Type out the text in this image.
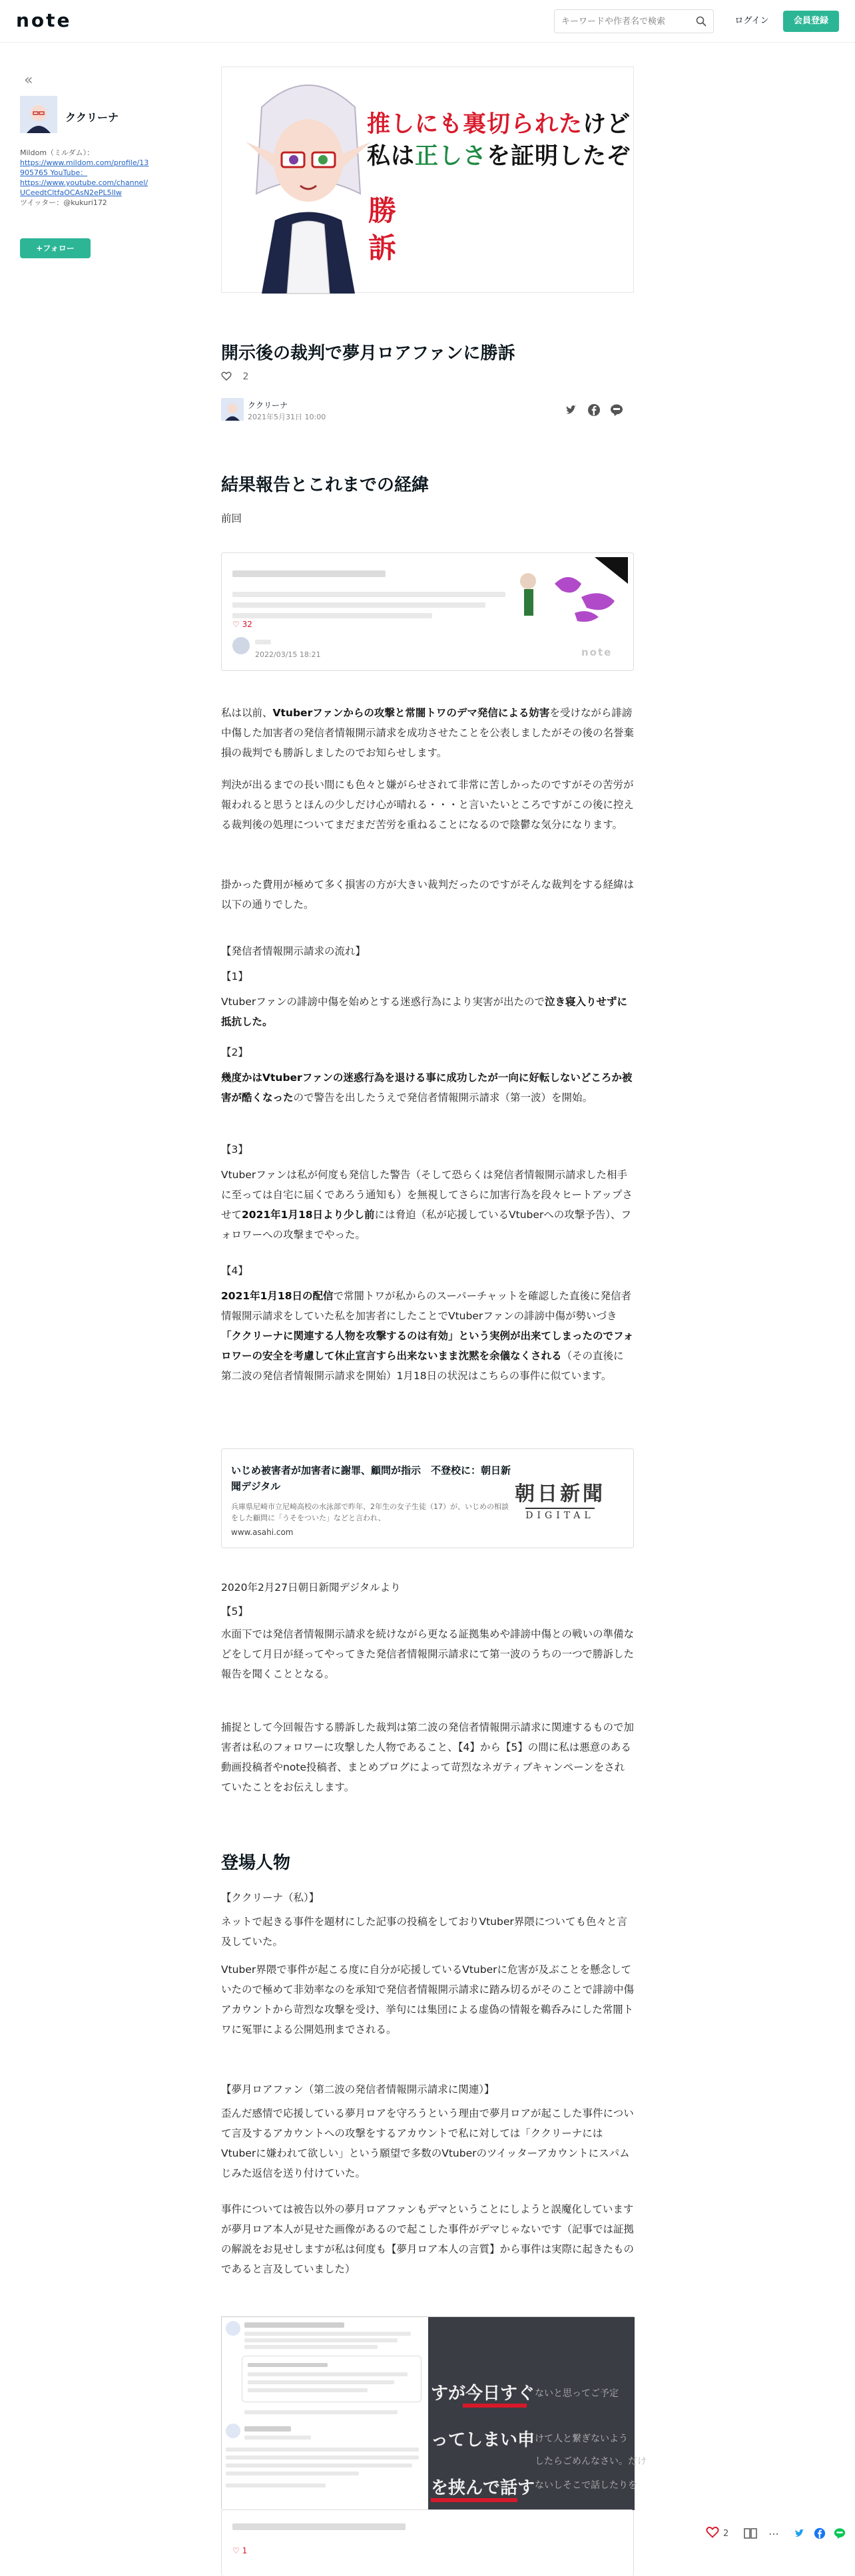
note
キーワードや作者名で検索	ログイン	会員登録
«
ククリーナ
Mildom（ミルダム）：
https://www.mildom.com/profile/13905765 YouTube：
https://www.youtube.com/channel/UCeedtCltfaOCAsN2ePL5lIw
ツイッター：@kukuri172
+フォロー
推しにも裏切られたけど
私は正しさを証明したぞ
勝訴
開示後の裁判で夢月ロアファンに勝訴
2
ククリーナ
2021年5月31日 10:00
結果報告とこれまでの経緯
前回
♡ 32
2022/03/15 18:21	note
私は以前、Vtuberファンからの攻撃と常闇トワのデマ発信による妨害を受けながら誹謗中傷した加害者の発信者情報開示請求を成功させたことを公表しましたがその後の名誉棄損の裁判でも勝訴しましたのでお知らせします。
判決が出るまでの長い間にも色々と嫌がらせされて非常に苦しかったのですがその苦労が報われると思うとほんの少しだけ心が晴れる・・・と言いたいところですがこの後に控える裁判後の処理についてまだまだ苦労を重ねることになるので陰鬱な気分になります。
掛かった費用が極めて多く損害の方が大きい裁判だったのですがそんな裁判をする経緯は以下の通りでした。
【発信者情報開示請求の流れ】
【1】
Vtuberファンの誹謗中傷を始めとする迷惑行為により実害が出たので泣き寝入りせずに抵抗した。
【2】
幾度かはVtuberファンの迷惑行為を退ける事に成功したが一向に好転しないどころか被害が酷くなったので警告を出したうえで発信者情報開示請求（第一波）を開始。
【3】
Vtuberファンは私が何度も発信した警告（そして恐らくは発信者情報開示請求した相手に至っては自宅に届くであろう通知も）を無視してさらに加害行為を段々ヒートアップさせて2021年1月18日より少し前には脅迫（私が応援しているVtuberへの攻撃予告）、フォロワーへの攻撃までやった。
【4】
2021年1月18日の配信で常闇トワが私からのスーパーチャットを確認した直後に発信者情報開示請求をしていた私を加害者にしたことでVtuberファンの誹謗中傷が勢いづき「ククリーナに関連する人物を攻撃するのは有効」という実例が出来てしまったのでフォロワーの安全を考慮して休止宣言すら出来ないまま沈黙を余儀なくされる（その直後に第二波の発信者情報開示請求を開始）1月18日の状況はこちらの事件に似ています。
いじめ被害者が加害者に謝罪、顧問が指示　不登校に：朝日新聞デジタル
兵庫県尼崎市立尼崎高校の水泳部で昨年、2年生の女子生徒（17）が、いじめの相談をした顧問に「うそをついた」などと言われ、
www.asahi.com
朝日新聞
DIGITAL
2020年2月27日朝日新聞デジタルより
【5】
水面下では発信者情報開示請求を続けながら更なる証拠集めや誹謗中傷との戦いの準備などをして月日が経ってやってきた発信者情報開示請求にて第一波のうちの一つで勝訴した報告を聞くこととなる。
捕捉として今回報告する勝訴した裁判は第二波の発信者情報開示請求に関連するもので加害者は私のフォロワーに攻撃した人物であること、【4】から【5】の間に私は悪意のある動画投稿者やnote投稿者、まとめブログによって苛烈なネガティブキャンペーンをされていたことをお伝えします。
登場人物
【ククリーナ（私）】
ネットで起きる事件を題材にした記事の投稿をしておりVtuber界隈についても色々と言及していた。
Vtuber界隈で事件が起こる度に自分が応援しているVtuberに危害が及ぶことを懸念していたので極めて非効率なのを承知で発信者情報開示請求に踏み切るがそのことで誹謗中傷アカウントから苛烈な攻撃を受け、挙句には集団による虚偽の情報を鵜呑みにした常闇トワに冤罪による公開処刑までされる。
【夢月ロアファン（第二波の発信者情報開示請求に関連）】
歪んだ感情で応援している夢月ロアを守ろうという理由で夢月ロアが起こした事件について言及するアカウントへの攻撃をするアカウントで私に対しては「ククリーナにはVtuberに嫌われて欲しい」という願望で多数のVtuberのツイッターアカウントにスパムじみた返信を送り付けていた。
事件については被告以外の夢月ロアファンもデマということにしようと誤魔化していますが夢月ロア本人が見せた画像があるので起こした事件がデマじゃないです（記事では証拠の解説をお見せしますが私は何度も【夢月ロア本人の言質】から事件は実際に起きたものであると言及していました）
すが今日すぐ ないと思ってご予定
ってしまい申 けて人と繋ぎないよう
したらごめんなさい。だけ
を挟んで話す ないしそこで話したりを
♡ 1
2	⋯
